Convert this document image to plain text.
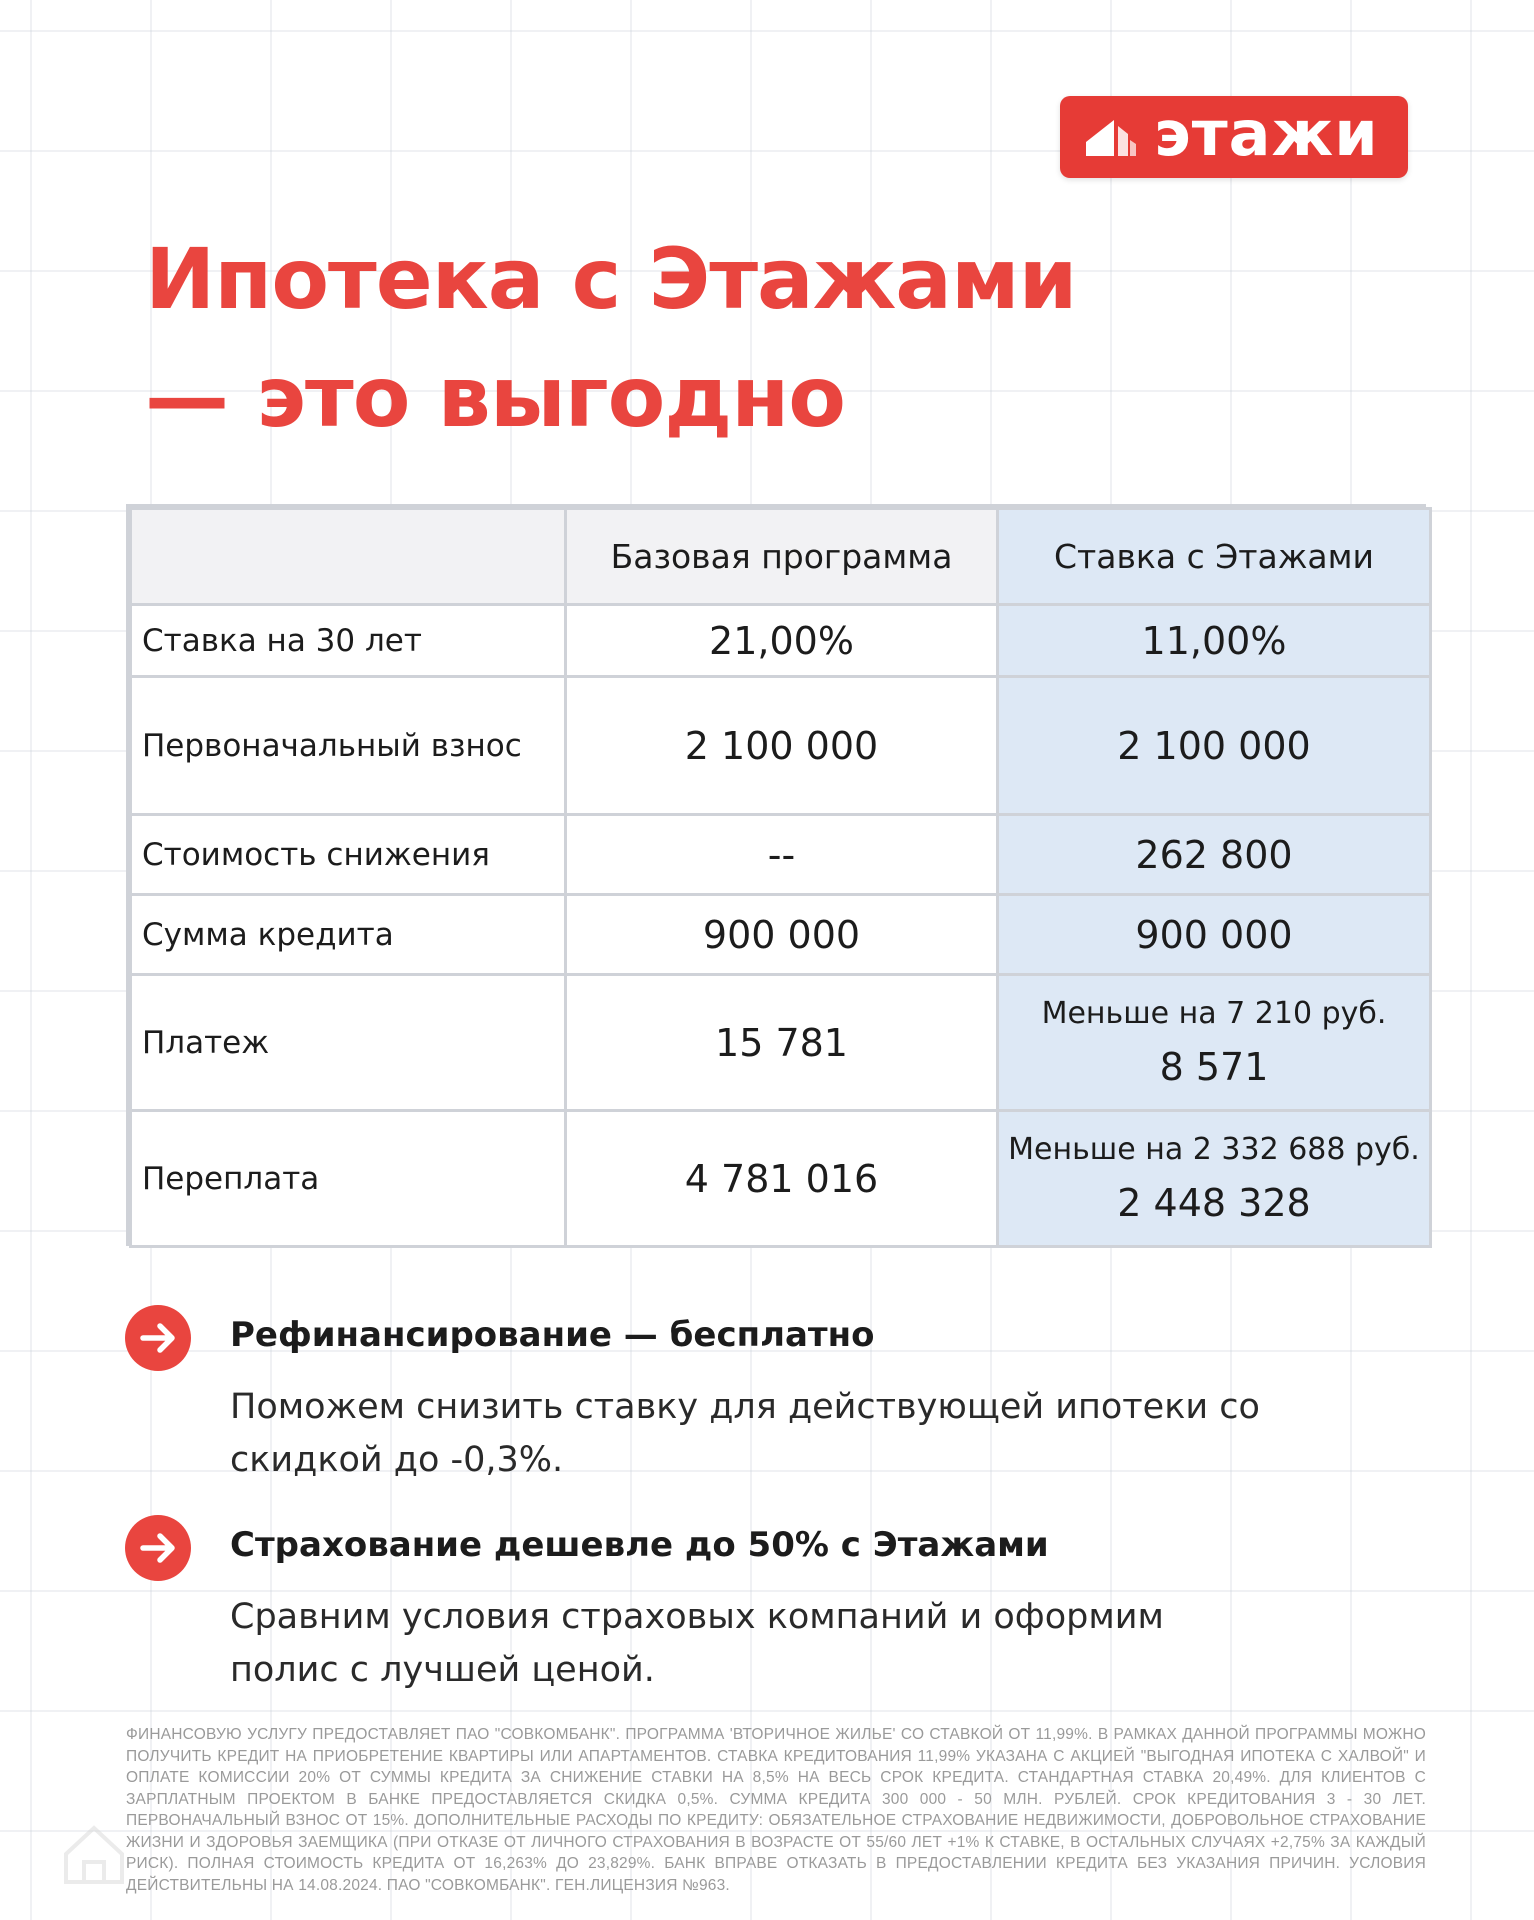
этажи
Ипотека с Этажами
— это выгодно
	Базовая программа	Ставка с Этажами
Ставка на 30 лет	21,00%	11,00%
Первоначальный взнос	2 100 000	2 100 000
Стоимость снижения	--	262 800
Сумма кредита	900 000	900 000
Платеж	15 781	Меньше на 7 210 руб.
8 571

Переплата	4 781 016	Меньше на 2 332 688 руб.
2 448 328
Рефинансирование — бесплатно
Поможем снизить ставку для действующей ипотеки со скидкой до -0,3%.
Страхование дешевле до 50% с Этажами
Сравним условия страховых компаний и оформим полис с лучшей ценой.
ФИНАНСОВУЮ УСЛУГУ ПРЕДОСТАВЛЯЕТ ПАО "СОВКОМБАНК". ПРОГРАММА 'ВТОРИЧНОЕ ЖИЛЬЕ' СО СТАВКОЙ ОТ 11,99%. В РАМКАХ ДАННОЙ ПРОГРАММЫ МОЖНО ПОЛУЧИТЬ КРЕДИТ НА ПРИОБРЕТЕНИЕ КВАРТИРЫ ИЛИ АПАРТАМЕНТОВ. СТАВКА КРЕДИТОВАНИЯ 11,99% УКАЗАНА С АКЦИЕЙ "ВЫГОДНАЯ ИПОТЕКА С ХАЛВОЙ" И ОПЛАТЕ КОМИССИИ 20% ОТ СУММЫ КРЕДИТА ЗА СНИЖЕНИЕ СТАВКИ НА 8,5% НА ВЕСЬ СРОК КРЕДИТА. СТАНДАРТНАЯ СТАВКА 20,49%. ДЛЯ КЛИЕНТОВ С ЗАРПЛАТНЫМ ПРОЕКТОМ В БАНКЕ ПРЕДОСТАВЛЯЕТСЯ СКИДКА 0,5%. СУММА КРЕДИТА 300 000 - 50 МЛН. РУБЛЕЙ. СРОК КРЕДИТОВАНИЯ 3 - 30 ЛЕТ. ПЕРВОНАЧАЛЬНЫЙ ВЗНОС ОТ 15%. ДОПОЛНИТЕЛЬНЫЕ РАСХОДЫ ПО КРЕДИТУ: ОБЯЗАТЕЛЬНОЕ СТРАХОВАНИЕ НЕДВИЖИМОСТИ, ДОБРОВОЛЬНОЕ СТРАХОВАНИЕ ЖИЗНИ И ЗДОРОВЬЯ ЗАЕМЩИКА (ПРИ ОТКАЗЕ ОТ ЛИЧНОГО СТРАХОВАНИЯ В ВОЗРАСТЕ ОТ 55/60 ЛЕТ +1% К СТАВКЕ, В ОСТАЛЬНЫХ СЛУЧАЯХ +2,75% ЗА КАЖДЫЙ РИСК). ПОЛНАЯ СТОИМОСТЬ КРЕДИТА ОТ 16,263% ДО 23,829%. БАНК ВПРАВЕ ОТКАЗАТЬ В ПРЕДОСТАВЛЕНИИ КРЕДИТА БЕЗ УКАЗАНИЯ ПРИЧИН. УСЛОВИЯ ДЕЙСТВИТЕЛЬНЫ НА 14.08.2024. ПАО "СОВКОМБАНК". ГЕН.ЛИЦЕНЗИЯ №963.
